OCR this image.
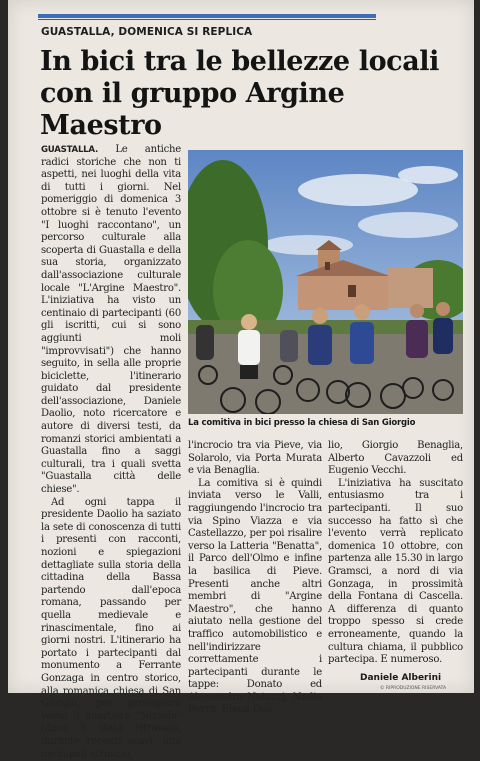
GUASTALLA, DOMENICA SI REPLICA
In bici tra le bellezze locali
con il gruppo Argine Maestro

GUASTALLA. Le antiche radici storiche che non ti aspetti, nei luoghi della vita di tutti i giorni. Nel pomeriggio di domenica 3 ottobre si è tenuto l'evento "I luoghi raccontano", un percorso culturale alla scoperta di Guastalla e della sua storia, organizzato dall'associazione culturale locale "L'Argine Maestro". L'iniziativa ha visto un centinaio di partecipanti (60 gli iscritti, cui si sono aggiunti moli "improvvisati") che hanno seguito, in sella alle proprie biciclette, l'itinerario guidato dal presidente dell'associazione, Daniele Daolio, noto ricercatore e autore di diversi testi, da romanzi storici ambientati a Guastalla fino a saggi culturali, tra i quali svetta "Guastalla città delle chiese".

Ad ogni tappa il presidente Daolio ha saziato la sete di conoscenza di tutti i presenti con racconti, nozioni e spiegazioni dettagliate sulla storia della cittadina della Bassa partendo dall'epoca romana, passando per quella medievale e rinascimentale, fino ai giorni nostri. L'itinerario ha portato i partecipanti dal monumento a Ferrante Gonzaga in centro storico, alla romanica chiesa di San Giorgio, per proseguire verso il quartiere "Nizzola" (dove è stata ritrovata, durante recenti scavi, una necropoli etrusca),

La comitiva in bici presso la chiesa di San Giorgio

l'incrocio tra via Pieve, via Solarolo, via Porta Murata e via Benaglia.

La comitiva si è quindi inviata verso le Valli, raggiungendo l'incrocio tra via Spino Viazza e via Castellazzo, per poi risalire verso la Latteria "Benatta", il Parco dell'Olmo e infine la basilica di Pieve. Presenti anche altri membri di "Argine Maestro", che hanno aiutato nella gestione del traffico automobilistico e nell'indirizzare correttamente i partecipanti durante le tappe: Donato ed Alessandro Natuzzi, Nadia Berra, Elena Dao-

lio, Giorgio Benaglia, Alberto Cavazzoli ed Eugenio Vecchi.

L'iniziativa ha suscitato entusiasmo tra i partecipanti. Il suo successo ha fatto sì che l'evento verrà replicato domenica 10 ottobre, con partenza alle 15.30 in largo Gramsci, a nord di via Gonzaga, in prossimità della Fontana di Cascella. A differenza di quanto troppo spesso si crede erroneamente, quando la cultura chiama, il pubblico partecipa. E numeroso.

Daniele Alberini
© RIPRODUZIONE RISERVATA
